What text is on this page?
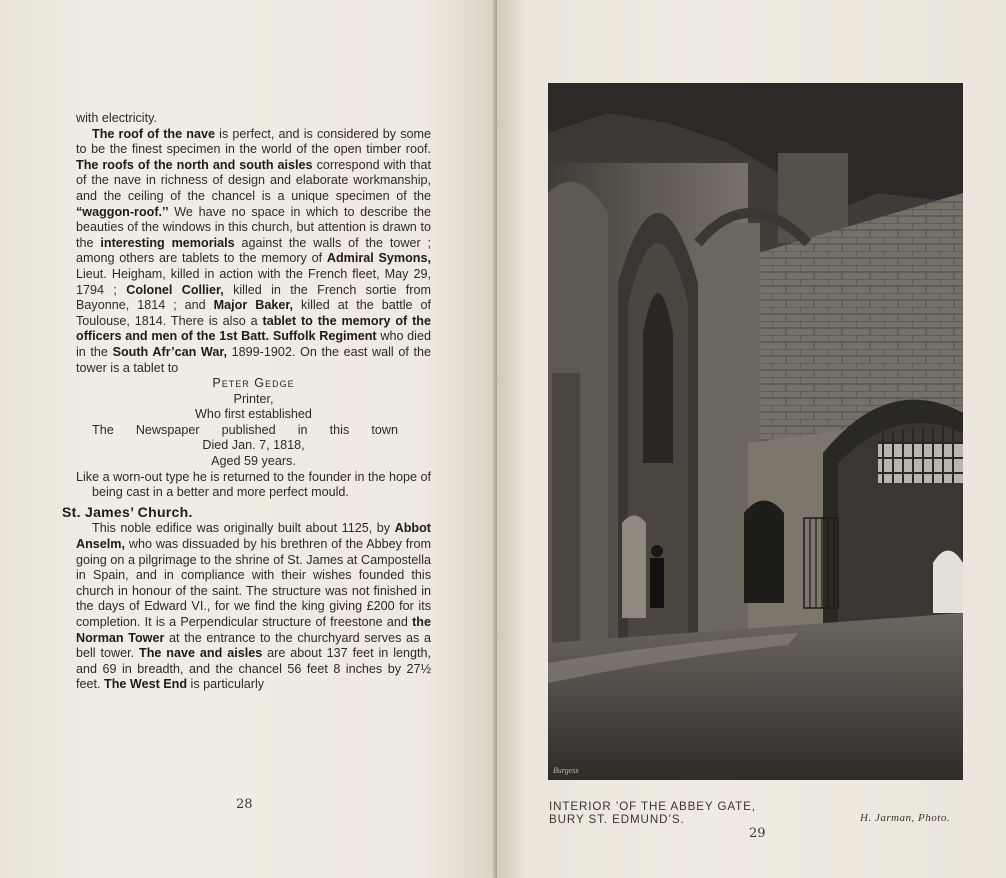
with electricity.

The roof of the nave is perfect, and is considered by some to be the finest specimen in the world of the open timber roof. The roofs of the north and south aisles correspond with that of the nave in richness of design and elaborate workmanship, and the ceiling of the chancel is a unique specimen of the “waggon-roof.’’ We have no space in which to describe the beauties of the windows in this church, but attention is drawn to the interesting memorials against the walls of the tower ; among others are tablets to the memory of Admiral Symons, Lieut. Heigham, killed in action with the French fleet, May 29, 1794 ; Colonel Collier, killed in the French sortie from Bayonne, 1814 ; and Major Baker, killed at the battle of Toulouse, 1814. There is also a tablet to the memory of the officers and men of the 1st Batt. Suffolk Regiment who died in the South Afr’can War, 1899-1902. On the east wall of the tower is a tablet to

Peter Gedge
Printer,
Who first established
The Newspaper published in this town
Died Jan. 7, 1818,
Aged 59 years.

Like a worn-out type he is returned to the founder in the hope of being cast in a better and more perfect mould.

St. James’ Church.

This noble edifice was originally built about 1125, by Abbot Anselm, who was dissuaded by his brethren of the Abbey from going on a pilgrimage to the shrine of St. James at Campostella in Spain, and in compliance with their wishes founded this church in honour of the saint. The structure was not finished in the days of Edward VI., for we find the king giving £200 for its completion. It is a Perpendicular structure of freestone and the Norman Tower at the entrance to the churchyard serves as a bell tower. The nave and aisles are about 137 feet in length, and 69 in breadth, and the chancel 56 feet 8 inches by 27½ feet. The West End is particularly

28
Burgess
INTERIOR ’OF THE ABBEY GATE,
BURY ST. EDMUND’S.	H. Jarman, Photo.
29
